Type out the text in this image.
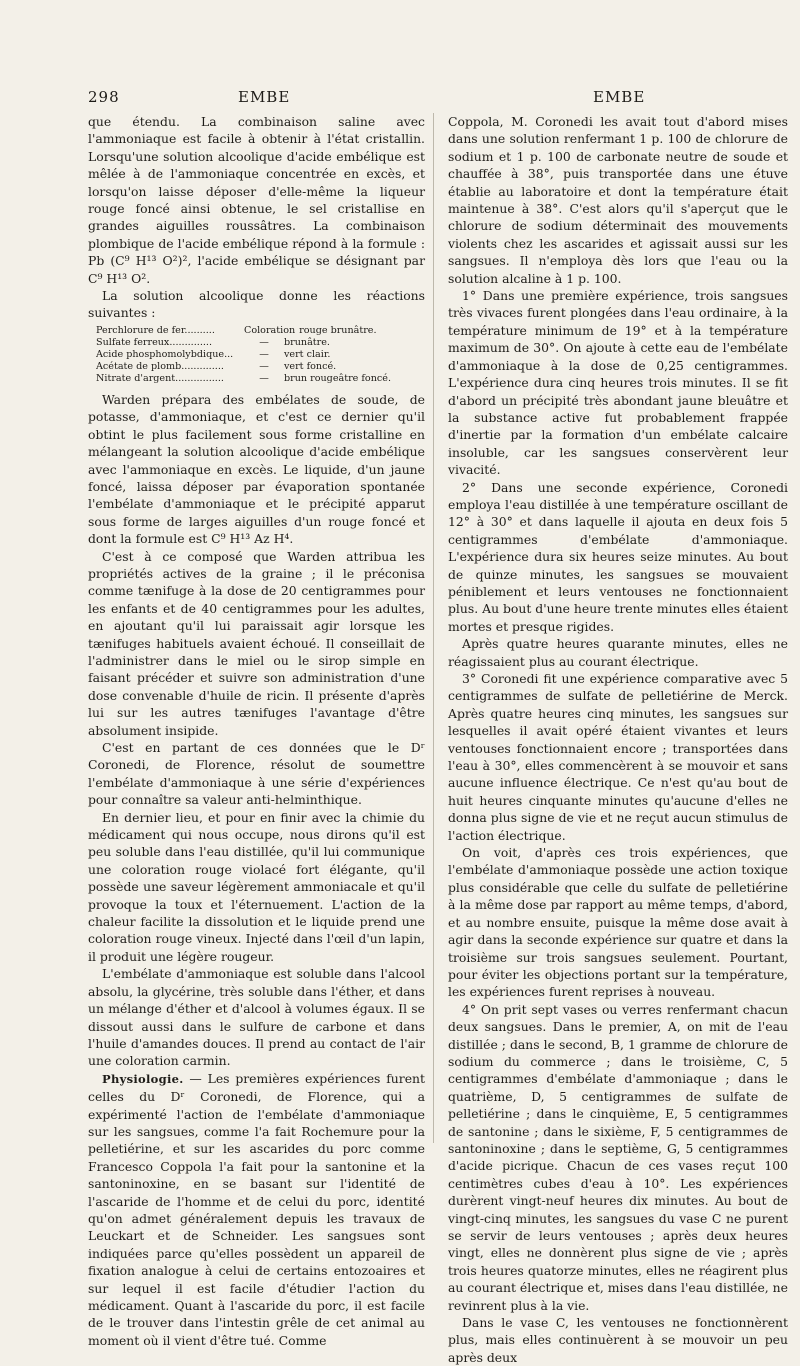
298	EMBE	EMBE

que étendu. La combinaison saline avec l'ammoniaque est facile à obtenir à l'état cristallin. Lorsqu'une solution alcoolique d'acide embélique est mêlée à de l'ammoniaque concentrée en excès, et lorsqu'on laisse déposer d'elle-même la liqueur rouge foncé ainsi obtenue, le sel cristallise en grandes aiguilles roussâtres. La combinaison plombique de l'acide embélique répond à la formule : Pb (C⁹ H¹³ O²)², l'acide embélique se désignant par C⁹ H¹³ O².

La solution alcoolique donne les réactions suivantes :

Perchlorure de fer..........	Coloration rouge brunâtre.
Sulfate ferreux..............	—	brunâtre.
Acide phosphomolybdique...	—	vert clair.
Acétate de plomb..............	—	vert foncé.
Nitrate d'argent................	—	brun rougeâtre foncé.

Warden prépara des embélates de soude, de potasse, d'ammoniaque, et c'est ce dernier qu'il obtint le plus facilement sous forme cristalline en mélangeant la solution alcoolique d'acide embélique avec l'ammoniaque en excès. Le liquide, d'un jaune foncé, laissa déposer par évaporation spontanée l'embélate d'ammoniaque et le précipité apparut sous forme de larges aiguilles d'un rouge foncé et dont la formule est C⁹ H¹³ Az H⁴.

C'est à ce composé que Warden attribua les propriétés actives de la graine ; il le préconisa comme tænifuge à la dose de 20 centigrammes pour les enfants et de 40 centigrammes pour les adultes, en ajoutant qu'il lui paraissait agir lorsque les tænifuges habituels avaient échoué. Il conseillait de l'administrer dans le miel ou le sirop simple en faisant précéder et suivre son administration d'une dose convenable d'huile de ricin. Il présente d'après lui sur les autres tænifuges l'avantage d'être absolument insipide.

C'est en partant de ces données que le Dʳ Coronedi, de Florence, résolut de soumettre l'embélate d'ammoniaque à une série d'expériences pour connaître sa valeur anti-helminthique.

En dernier lieu, et pour en finir avec la chimie du médicament qui nous occupe, nous dirons qu'il est peu soluble dans l'eau distillée, qu'il lui communique une coloration rouge violacé fort élégante, qu'il possède une saveur légèrement ammoniacale et qu'il provoque la toux et l'éternuement. L'action de la chaleur facilite la dissolution et le liquide prend une coloration rouge vineux. Injecté dans l'œil d'un lapin, il produit une légère rougeur.

L'embélate d'ammoniaque est soluble dans l'alcool absolu, la glycérine, très soluble dans l'éther, et dans un mélange d'éther et d'alcool à volumes égaux. Il se dissout aussi dans le sulfure de carbone et dans l'huile d'amandes douces. Il prend au contact de l'air une coloration carmin.

Physiologie. — Les premières expériences furent celles du Dʳ Coronedi, de Florence, qui a expérimenté l'action de l'embélate d'ammoniaque sur les sangsues, comme l'a fait Rochemure pour la pelletiérine, et sur les ascarides du porc comme Francesco Coppola l'a fait pour la santonine et la santoninoxine, en se basant sur l'identité de l'ascaride de l'homme et de celui du porc, identité qu'on admet généralement depuis les travaux de Leuckart et de Schneider. Les sangsues sont indiquées parce qu'elles possèdent un appareil de fixation analogue à celui de certains entozoaires et sur lequel il est facile d'étudier l'action du médicament. Quant à l'ascaride du porc, il est facile de le trouver dans l'intestin grêle de cet animal au moment où il vient d'être tué. Comme

Coppola, M. Coronedi les avait tout d'abord mises dans une solution renfermant 1 p. 100 de chlorure de sodium et 1 p. 100 de carbonate neutre de soude et chauffée à 38°, puis transportée dans une étuve établie au laboratoire et dont la température était maintenue à 38°. C'est alors qu'il s'aperçut que le chlorure de sodium déterminait des mouvements violents chez les ascarides et agissait aussi sur les sangsues. Il n'employa dès lors que l'eau ou la solution alcaline à 1 p. 100.

1° Dans une première expérience, trois sangsues très vivaces furent plongées dans l'eau ordinaire, à la température minimum de 19° et à la température maximum de 30°. On ajoute à cette eau de l'embélate d'ammoniaque à la dose de 0,25 centigrammes. L'expérience dura cinq heures trois minutes. Il se fit d'abord un précipité très abondant jaune bleuâtre et la substance active fut probablement frappée d'inertie par la formation d'un embélate calcaire insoluble, car les sangsues conservèrent leur vivacité.

2° Dans une seconde expérience, Coronedi employa l'eau distillée à une température oscillant de 12° à 30° et dans laquelle il ajouta en deux fois 5 centigrammes d'embélate d'ammoniaque. L'expérience dura six heures seize minutes. Au bout de quinze minutes, les sangsues se mouvaient péniblement et leurs ventouses ne fonctionnaient plus. Au bout d'une heure trente minutes elles étaient mortes et presque rigides.

Après quatre heures quarante minutes, elles ne réagissaient plus au courant électrique.

3° Coronedi fit une expérience comparative avec 5 centigrammes de sulfate de pelletiérine de Merck. Après quatre heures cinq minutes, les sangsues sur lesquelles il avait opéré étaient vivantes et leurs ventouses fonctionnaient encore ; transportées dans l'eau à 30°, elles commencèrent à se mouvoir et sans aucune influence électrique. Ce n'est qu'au bout de huit heures cinquante minutes qu'aucune d'elles ne donna plus signe de vie et ne reçut aucun stimulus de l'action électrique.

On voit, d'après ces trois expériences, que l'embélate d'ammoniaque possède une action toxique plus considérable que celle du sulfate de pelletiérine à la même dose par rapport au même temps, d'abord, et au nombre ensuite, puisque la même dose avait à agir dans la seconde expérience sur quatre et dans la troisième sur trois sangsues seulement. Pourtant, pour éviter les objections portant sur la température, les expériences furent reprises à nouveau.

4° On prit sept vases ou verres renfermant chacun deux sangsues. Dans le premier, A, on mit de l'eau distillée ; dans le second, B, 1 gramme de chlorure de sodium du commerce ; dans le troisième, C, 5 centigrammes d'embélate d'ammoniaque ; dans le quatrième, D, 5 centigrammes de sulfate de pelletiérine ; dans le cinquième, E, 5 centigrammes de santonine ; dans le sixième, F, 5 centigrammes de santoninoxine ; dans le septième, G, 5 centigrammes d'acide picrique. Chacun de ces vases reçut 100 centimètres cubes d'eau à 10°. Les expériences durèrent vingt-neuf heures dix minutes. Au bout de vingt-cinq minutes, les sangsues du vase C ne purent se servir de leurs ventouses ; après deux heures vingt, elles ne donnèrent plus signe de vie ; après trois heures quatorze minutes, elles ne réagirent plus au courant électrique et, mises dans l'eau distillée, ne revinrent plus à la vie.

Dans le vase C, les ventouses ne fonctionnèrent plus, mais elles continuèrent à se mouvoir un peu après deux
